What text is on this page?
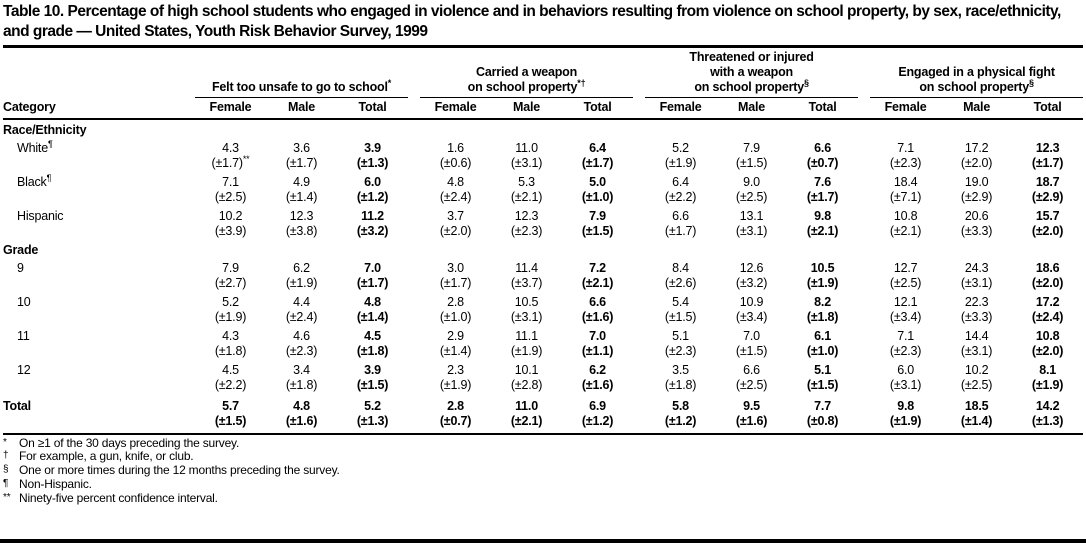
Table 10. Percentage of high school students who engaged in violence and in behaviors resulting from violence on school property, by sex, race/ethnicity, and grade — United States, Youth Risk Behavior Survey, 1999
Category		Felt too unsafe to go to school*				Carried a weapon
on school property*†				Threatened or injured
with a weapon
on school property§				Engaged in a physical fight
on school property§
		Female	Male	Total		Female	Male	Total		Female	Male	Total		Female	Male	Total
Race/Ethnicity																
White¶		4.3	3.6	3.9		1.6	11.0	6.4		5.2	7.9	6.6		7.1	17.2	12.3
		(±1.7)**	(±1.7)	(±1.3)		(±0.6)	(±3.1)	(±1.7)		(±1.9)	(±1.5)	(±0.7)		(±2.3)	(±2.0)	(±1.7)
Black¶		7.1	4.9	6.0		4.8	5.3	5.0		6.4	9.0	7.6		18.4	19.0	18.7
		(±2.5)	(±1.4)	(±1.2)		(±2.4)	(±2.1)	(±1.0)		(±2.2)	(±2.5)	(±1.7)		(±7.1)	(±2.9)	(±2.9)
Hispanic		10.2	12.3	11.2		3.7	12.3	7.9		6.6	13.1	9.8		10.8	20.6	15.7
		(±3.9)	(±3.8)	(±3.2)		(±2.0)	(±2.3)	(±1.5)		(±1.7)	(±3.1)	(±2.1)		(±2.1)	(±3.3)	(±2.0)
Grade																
9		7.9	6.2	7.0		3.0	11.4	7.2		8.4	12.6	10.5		12.7	24.3	18.6
		(±2.7)	(±1.9)	(±1.7)		(±1.7)	(±3.7)	(±2.1)		(±2.6)	(±3.2)	(±1.9)		(±2.5)	(±3.1)	(±2.0)
10		5.2	4.4	4.8		2.8	10.5	6.6		5.4	10.9	8.2		12.1	22.3	17.2
		(±1.9)	(±2.4)	(±1.4)		(±1.0)	(±3.1)	(±1.6)		(±1.5)	(±3.4)	(±1.8)		(±3.4)	(±3.3)	(±2.4)
11		4.3	4.6	4.5		2.9	11.1	7.0		5.1	7.0	6.1		7.1	14.4	10.8
		(±1.8)	(±2.3)	(±1.8)		(±1.4)	(±1.9)	(±1.1)		(±2.3)	(±1.5)	(±1.0)		(±2.3)	(±3.1)	(±2.0)
12		4.5	3.4	3.9		2.3	10.1	6.2		3.5	6.6	5.1		6.0	10.2	8.1
		(±2.2)	(±1.8)	(±1.5)		(±1.9)	(±2.8)	(±1.6)		(±1.8)	(±2.5)	(±1.5)		(±3.1)	(±2.5)	(±1.9)
Total		5.7	4.8	5.2		2.8	11.0	6.9		5.8	9.5	7.7		9.8	18.5	14.2
		(±1.5)	(±1.6)	(±1.3)		(±0.7)	(±2.1)	(±1.2)		(±1.2)	(±1.6)	(±0.8)		(±1.9)	(±1.4)	(±1.3)
* On ≥1 of the 30 days preceding the survey.
† For example, a gun, knife, or club.
§ One or more times during the 12 months preceding the survey.
¶ Non-Hispanic.
** Ninety-five percent confidence interval.
